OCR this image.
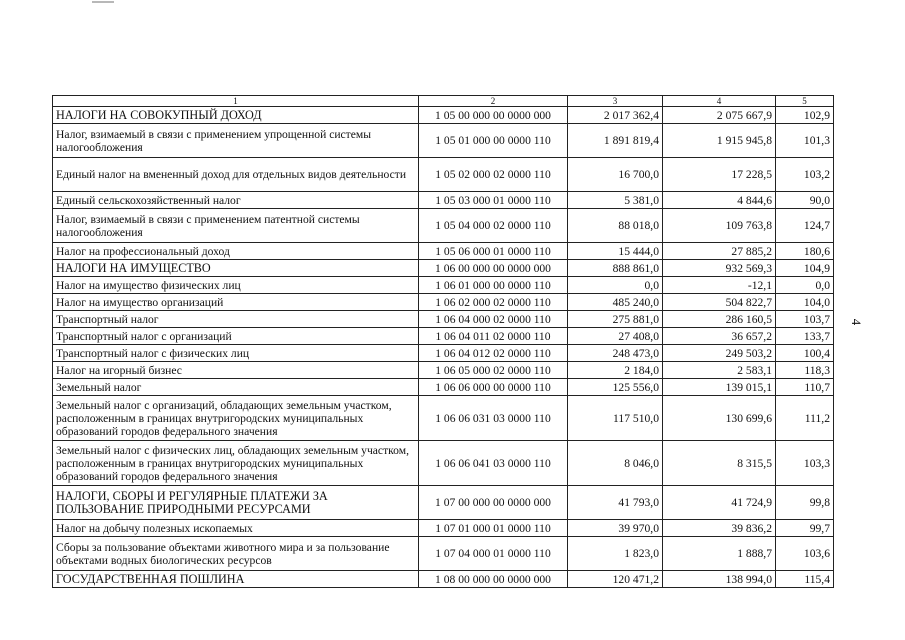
4
1	2	3	4	5
НАЛОГИ НА СОВОКУПНЫЙ ДОХОД	1 05 00 000 00 0000 000	2 017 362,4	2 075 667,9	102,9
Налог, взимаемый в связи с применением упрощенной системы налогообложения	1 05 01 000 00 0000 110	1 891 819,4	1 915 945,8	101,3
Единый налог на вмененный доход для отдельных видов деятельности	1 05 02 000 02 0000 110	16 700,0	17 228,5	103,2
Единый сельскохозяйственный налог	1 05 03 000 01 0000 110	5 381,0	4 844,6	90,0
Налог, взимаемый в связи с применением патентной системы налогообложения	1 05 04 000 02 0000 110	88 018,0	109 763,8	124,7
Налог на профессиональный доход	1 05 06 000 01 0000 110	15 444,0	27 885,2	180,6
НАЛОГИ НА ИМУЩЕСТВО	1 06 00 000 00 0000 000	888 861,0	932 569,3	104,9
Налог на имущество физических лиц	1 06 01 000 00 0000 110	0,0	-12,1	0,0
Налог на имущество организаций	1 06 02 000 02 0000 110	485 240,0	504 822,7	104,0
Транспортный налог	1 06 04 000 02 0000 110	275 881,0	286 160,5	103,7
Транспортный налог с организаций	1 06 04 011 02 0000 110	27 408,0	36 657,2	133,7
Транспортный налог с физических лиц	1 06 04 012 02 0000 110	248 473,0	249 503,2	100,4
Налог на игорный бизнес	1 06 05 000 02 0000 110	2 184,0	2 583,1	118,3
Земельный налог	1 06 06 000 00 0000 110	125 556,0	139 015,1	110,7
Земельный налог с организаций, обладающих земельным участком, расположенным в границах внутригородских муниципальных образований городов федерального значения	1 06 06 031 03 0000 110	117 510,0	130 699,6	111,2
Земельный налог с физических лиц, обладающих земельным участком, расположенным в границах внутригородских муниципальных образований городов федерального значения	1 06 06 041 03 0000 110	8 046,0	8 315,5	103,3
НАЛОГИ, СБОРЫ И РЕГУЛЯРНЫЕ ПЛАТЕЖИ ЗА ПОЛЬЗОВАНИЕ ПРИРОДНЫМИ РЕСУРСАМИ	1 07 00 000 00 0000 000	41 793,0	41 724,9	99,8
Налог на добычу полезных ископаемых	1 07 01 000 01 0000 110	39 970,0	39 836,2	99,7
Сборы за пользование объектами животного мира и за пользование объектами водных биологических ресурсов	1 07 04 000 01 0000 110	1 823,0	1 888,7	103,6
ГОСУДАРСТВЕННАЯ ПОШЛИНА	1 08 00 000 00 0000 000	120 471,2	138 994,0	115,4
